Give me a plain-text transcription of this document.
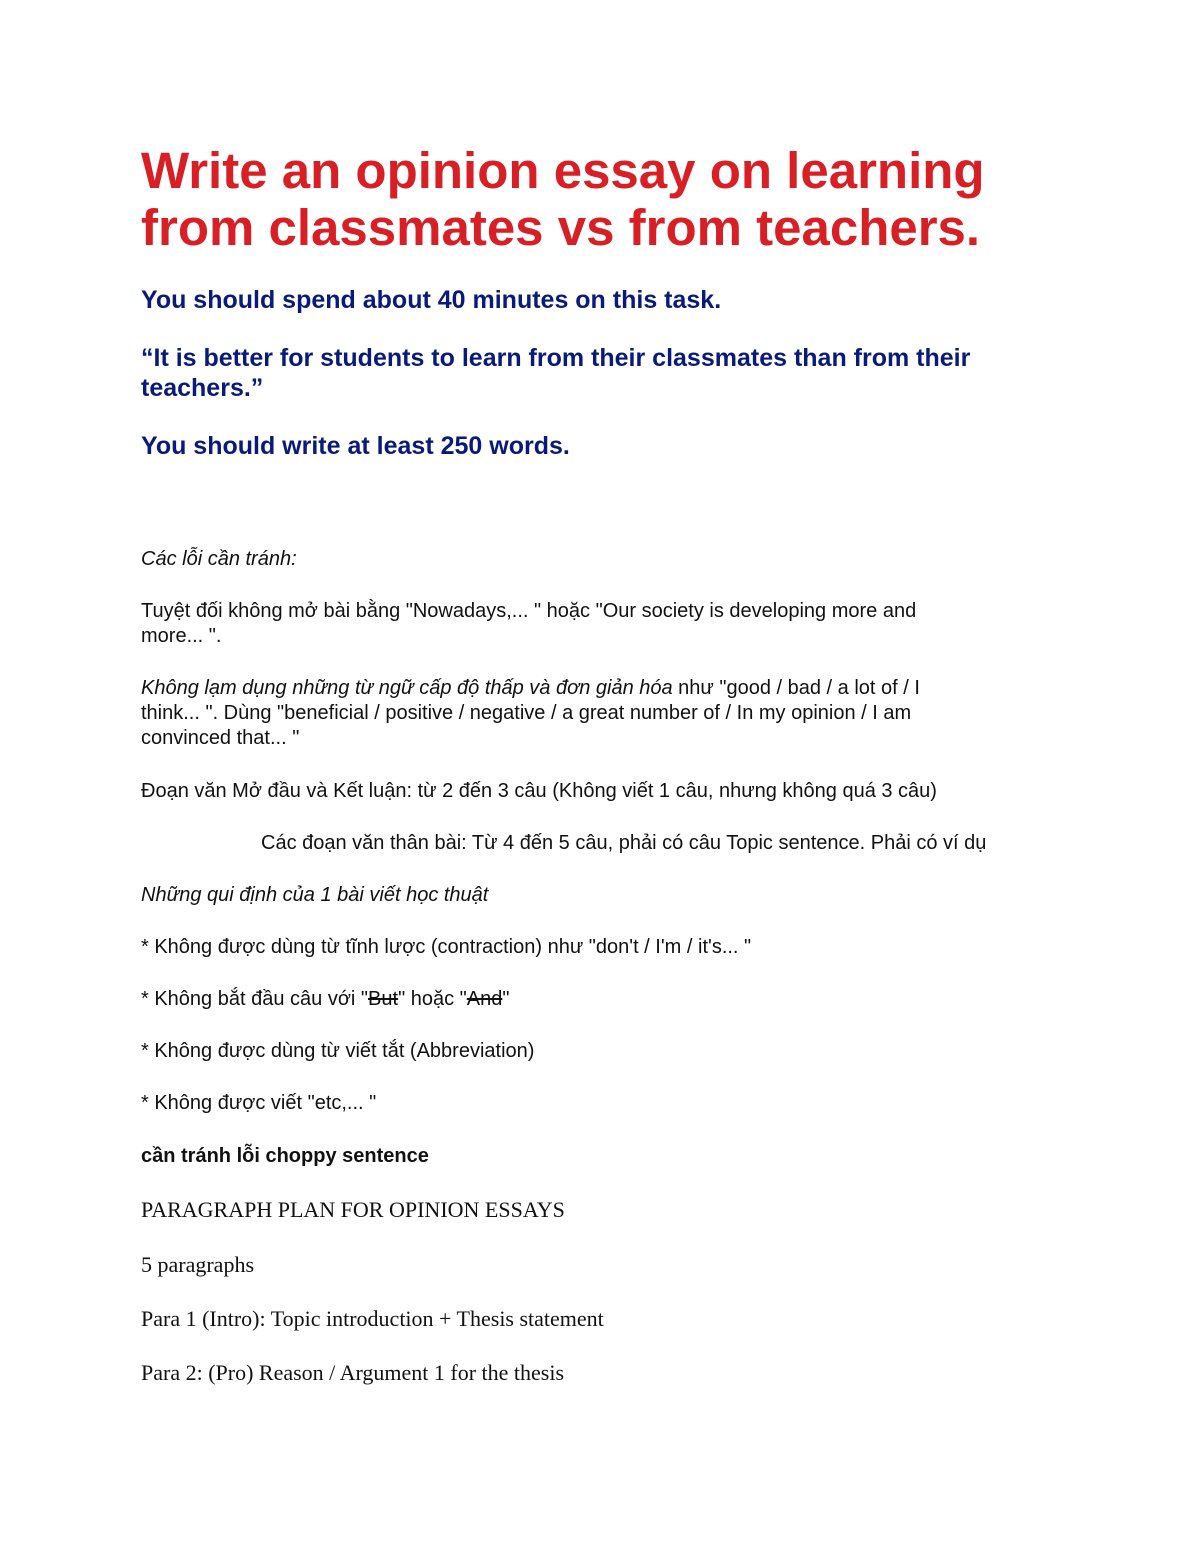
Write an opinion essay on learning
from classmates vs from teachers.

You should spend about 40 minutes on this task.

“It is better for students to learn from their classmates than from their
teachers.”

You should write at least 250 words.

Các lỗi cần tránh:

Tuyệt đối không mở bài bằng "Nowadays,... " hoặc "Our society is developing more and
more... ".
Không lạm dụng những từ ngữ cấp độ thấp và đơn giản hóa như "good / bad / a lot of / I
think... ". Dùng "beneficial / positive / negative / a great number of / In my opinion / I am
convinced that... "

Đoạn văn Mở đầu và Kết luận: từ 2 đến 3 câu (Không viết 1 câu, nhưng không quá 3 câu)

Các đoạn văn thân bài: Từ 4 đến 5 câu, phải có câu Topic sentence. Phải có ví dụ

Những qui định của 1 bài viết học thuật

* Không được dùng từ tĩnh lược (contraction) như "don't / I'm / it's... "

* Không bắt đầu câu với "But" hoặc "And"

* Không được dùng từ viết tắt (Abbreviation)

* Không được viết "etc,... "

cần tránh lỗi choppy sentence

PARAGRAPH PLAN FOR OPINION ESSAYS

5 paragraphs

Para 1 (Intro): Topic introduction + Thesis statement

Para 2: (Pro) Reason / Argument 1 for the thesis
